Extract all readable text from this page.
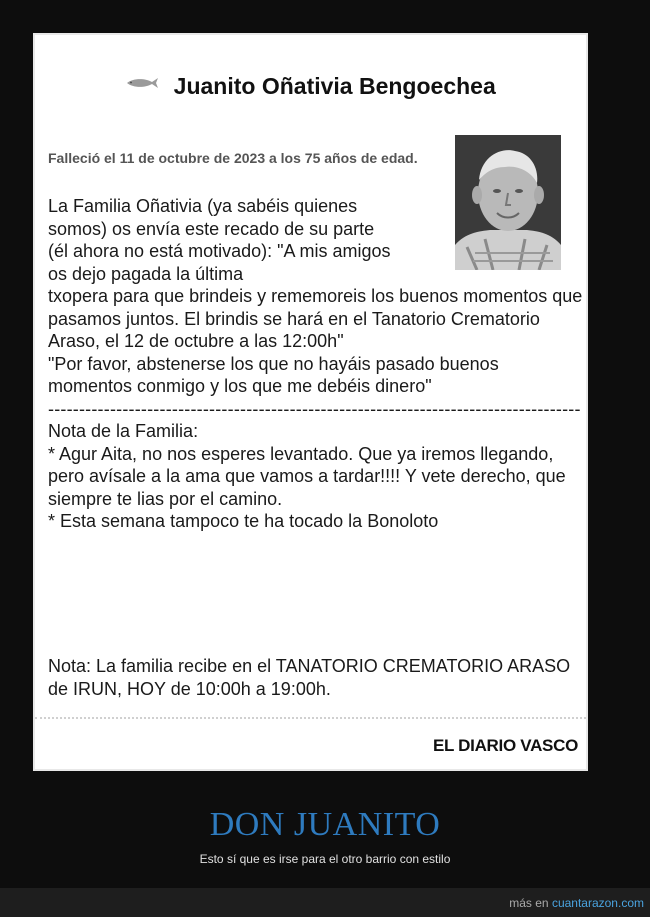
Juanito Oñativia Bengoechea
Falleció el 11 de octubre de 2023 a los 75 años de edad.

La Familia Oñativia (ya sabéis quienes somos) os envía este recado de su parte (él ahora no está motivado): "A mis amigos os dejo pagada la última

txopera para que brindeis y rememoreis los buenos momentos que pasamos juntos. El brindis se hará en el Tanatorio Crematorio Araso, el 12 de octubre a las 12:00h"

"Por favor, abstenerse los que no hayáis pasado buenos momentos conmigo y los que me debéis dinero"

--------------------------------------------------------------------------------------

Nota de la Familia:

* Agur Aita, no nos esperes levantado. Que ya iremos llegando, pero avísale a la ama que vamos a tardar!!!! Y vete derecho, que siempre te lias por el camino.

* Esta semana tampoco te ha tocado la Bonoloto

Nota: La familia recibe en el TANATORIO CREMATORIO ARASO de IRUN, HOY de 10:00h a 19:00h.
EL DIARIO VASCO
DON JUANITO
Esto sí que es irse para el otro barrio con estilo
más en cuantarazon.com
